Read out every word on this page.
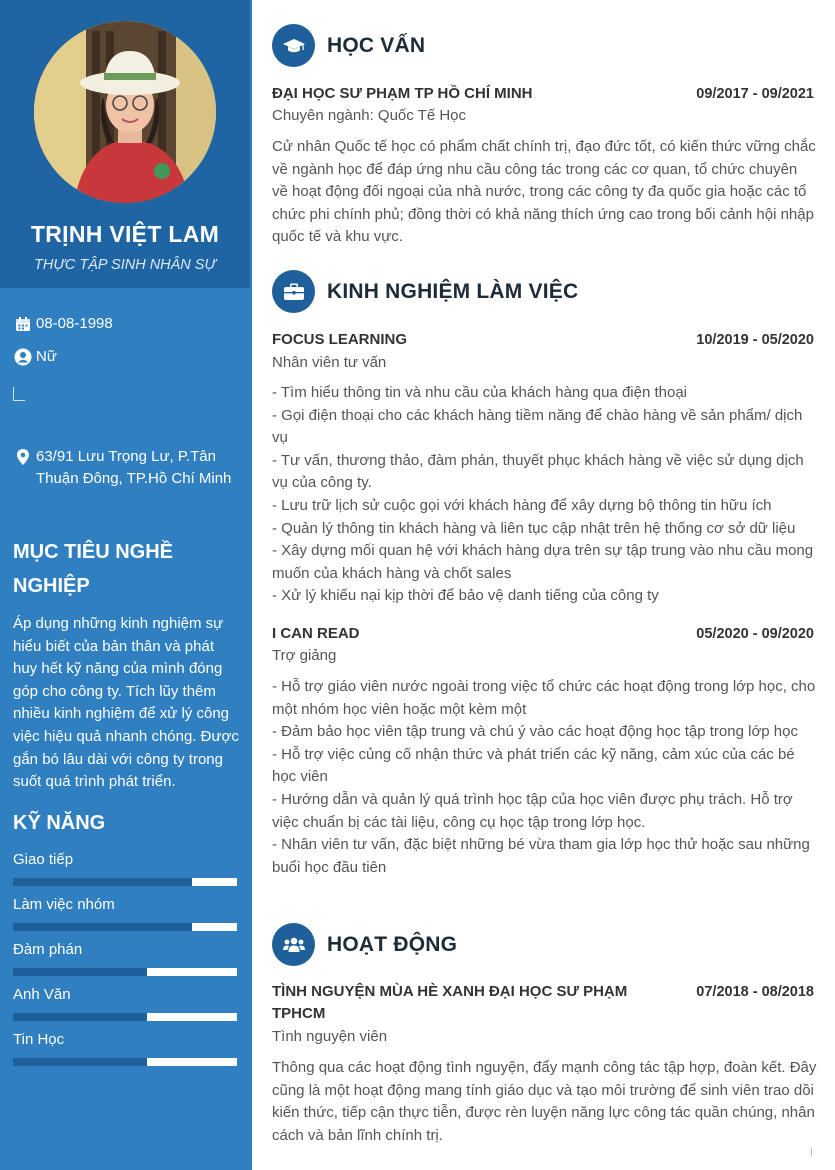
TRỊNH VIỆT LAM
THỰC TẬP SINH NHÂN SỰ
08-08-1998
Nữ
63/91 Lưu Trọng Lư, P.Tân Thuận Đông, TP.Hồ Chí Minh
MỤC TIÊU NGHỀ NGHIỆP
Áp dụng những kinh nghiệm sự hiểu biết của bản thân và phát huy hết kỹ năng của mình đóng góp cho công ty. Tích lũy thêm nhiều kinh nghiệm để xử lý công việc hiệu quả nhanh chóng. Được gắn bó lâu dài với công ty trong suốt quá trình phát triển.
KỸ NĂNG
Giao tiếp
Làm việc nhóm
Đàm phán
Anh Văn
Tin Học
HỌC VẤN
ĐẠI HỌC SƯ PHẠM TP HỒ CHÍ MINH	09/2017 - 09/2021
Chuyên ngành: Quốc Tế Học
Cử nhân Quốc tế học có phẩm chất chính trị, đạo đức tốt, có kiến thức vững chắc về ngành học để đáp ứng nhu cầu công tác trong các cơ quan, tổ chức chuyên về hoạt động đối ngoại của nhà nước, trong các công ty đa quốc gia hoặc các tổ chức phi chính phủ; đồng thời có khả năng thích ứng cao trong bối cảnh hội nhập quốc tế và khu vực.
KINH NGHIỆM LÀM VIỆC
FOCUS LEARNING	10/2019 - 05/2020
Nhân viên tư vấn
- Tìm hiểu thông tin và nhu cầu của khách hàng qua điện thoại
- Gọi điện thoại cho các khách hàng tiềm năng để chào hàng về sản phẩm/ dịch vụ
- Tư vấn, thương thảo, đàm phán, thuyết phục khách hàng về việc sử dụng dịch vụ của công ty.
- Lưu trữ lịch sử cuộc gọi với khách hàng để xây dựng bộ thông tin hữu ích
- Quản lý thông tin khách hàng và liên tục cập nhật trên hệ thống cơ sở dữ liệu
- Xây dựng mối quan hệ với khách hàng dựa trên sự tập trung vào nhu cầu mong muốn của khách hàng và chốt sales
- Xử lý khiếu nại kịp thời để bảo vệ danh tiếng của công ty
I CAN READ	05/2020 - 09/2020
Trợ giảng
- Hỗ trợ giáo viên nước ngoài trong việc tổ chức các hoạt động trong lớp học, cho một nhóm học viên hoặc một kèm một
- Đảm bảo học viên tập trung và chú ý vào các hoạt động học tập trong lớp học
- Hỗ trợ việc củng cố nhận thức và phát triển các kỹ năng, cảm xúc của các bé học viên
- Hướng dẫn và quản lý quá trình học tập của học viên được phụ trách. Hỗ trợ việc chuẩn bị các tài liệu, công cụ học tập trong lớp học.
- Nhân viên tư vấn, đặc biệt những bé vừa tham gia lớp học thử hoặc sau những buổi học đầu tiên
HOẠT ĐỘNG
TÌNH NGUYỆN MÙA HÈ XANH ĐẠI HỌC SƯ PHẠM TPHCM
07/2018 - 08/2018
Tình nguyện viên
Thông qua các hoạt động tình nguyện, đẩy mạnh công tác tập hợp, đoàn kết. Đây cũng là một hoạt động mang tính giáo dục và tạo môi trường để sinh viên trao dồi kiến thức, tiếp cận thực tiễn, được rèn luyện năng lực công tác quần chúng, nhân cách và bản lĩnh chính trị.
